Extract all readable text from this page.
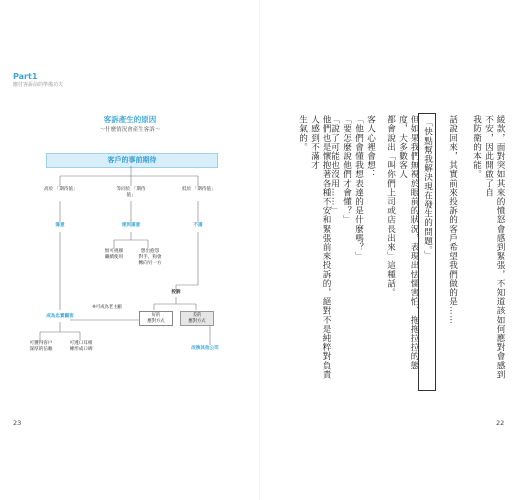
Part1
應付客訴前的準備功夫
客訴產生的原因
～什麼情況會產生客訴～
客戶的事前期待
高於 「期待值」	等同於 「期待值」
低於 「期待值」
滿意	達到滿意	不滿
無可挑剔
繼續使用
想出抱怨
對手、狗會
轉向另一方
投訴
※可成為老主顧
成為忠實顧客	好的
應對方式
差的
應對方式
可獲得客戶
深厚的信賴
可透口耳相
傳形成口碑	改換其他公司
23
緩款，面對突如其來的憤怒會感到緊張，不知道該如何應對會感到不安，因此開啟了自
我防衛的本能。
話說回來，其實前來投訴的客戶希望我們做的是……
「快點幫我解決現在發生的問題。」
但如果我們無視於眼前的狀況，表現出怯懦害怕、拖拖拉拉的態度，大多數客人
都會說出「叫你們上司或店長出來」這種話。
客人心裡會想：
「他們會懂我想表達的是什麼嗎？」
「要怎麼說他們才會懂？」
「說了可能也沒用……」
他們也是懷抱著各種不安和緊張前來投訴的，絕對不是純粹對負責人感到不滿才
生氣的。
22
